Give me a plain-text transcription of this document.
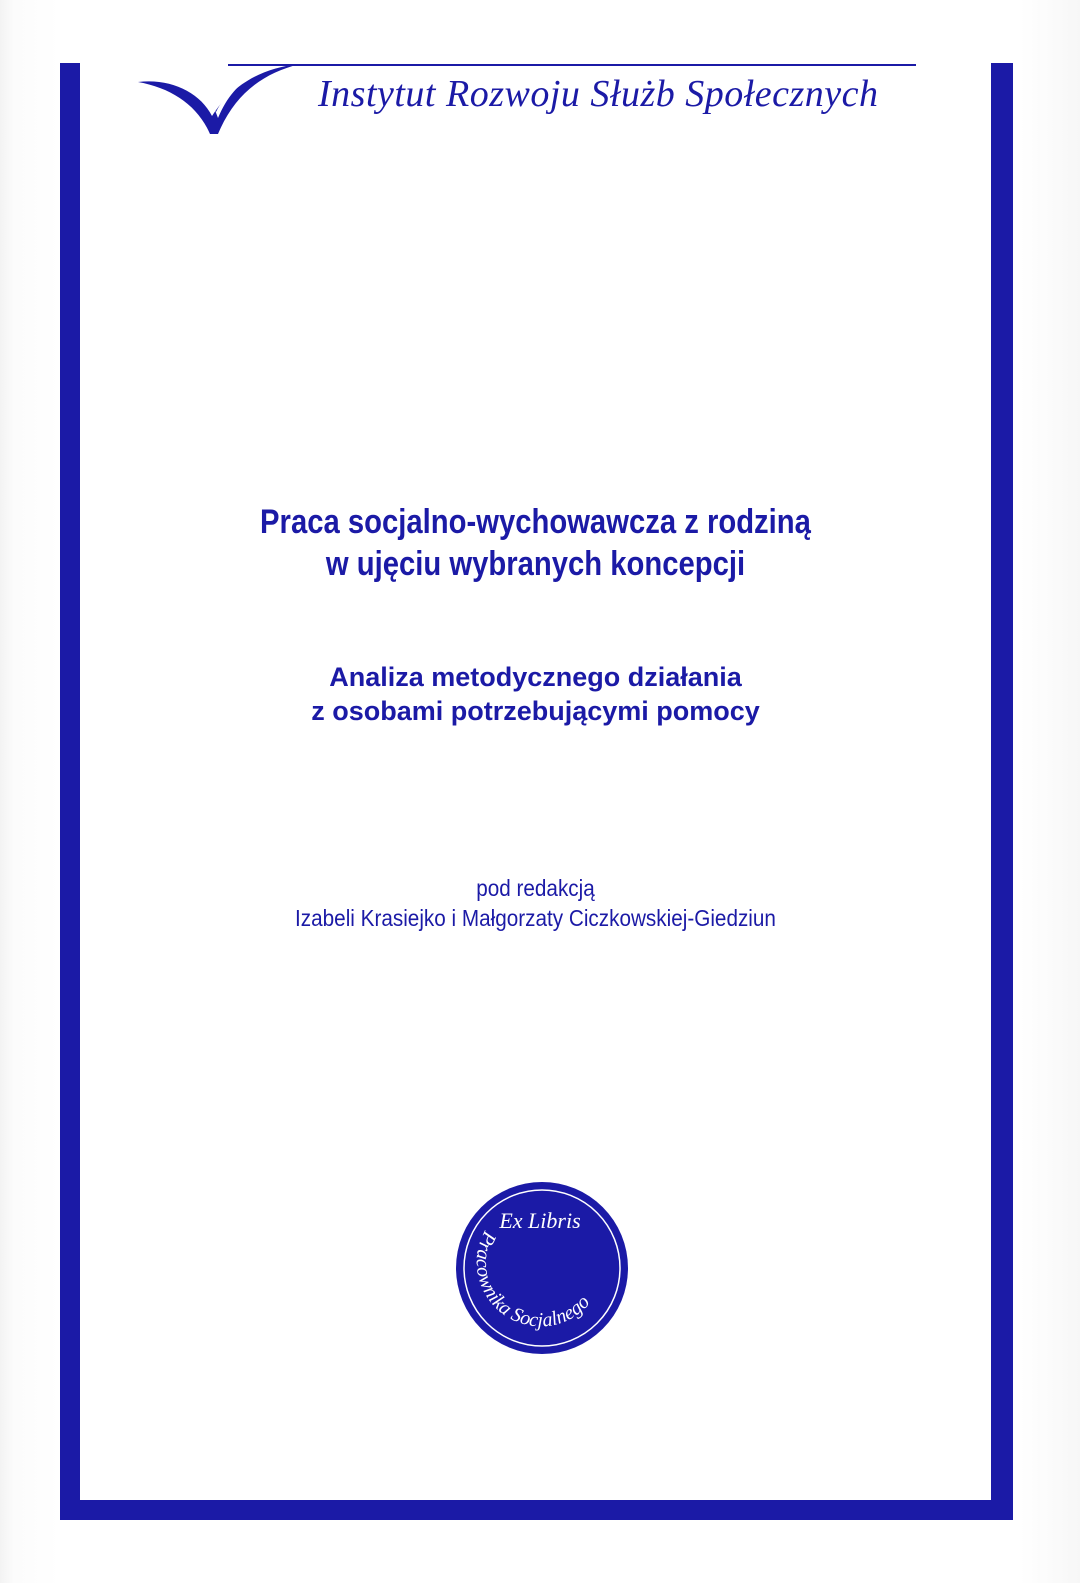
Instytut Rozwoju Służb Społecznych
Praca socjalno-wychowawcza z rodziną
w ujęciu wybranych koncepcji
Analiza metodycznego działania
z osobami potrzebującymi pomocy
pod redakcją
Izabeli Krasiejko i Małgorzaty Ciczkowskiej-Giedziun
Ex Libris
Pracownika Socjalnego
